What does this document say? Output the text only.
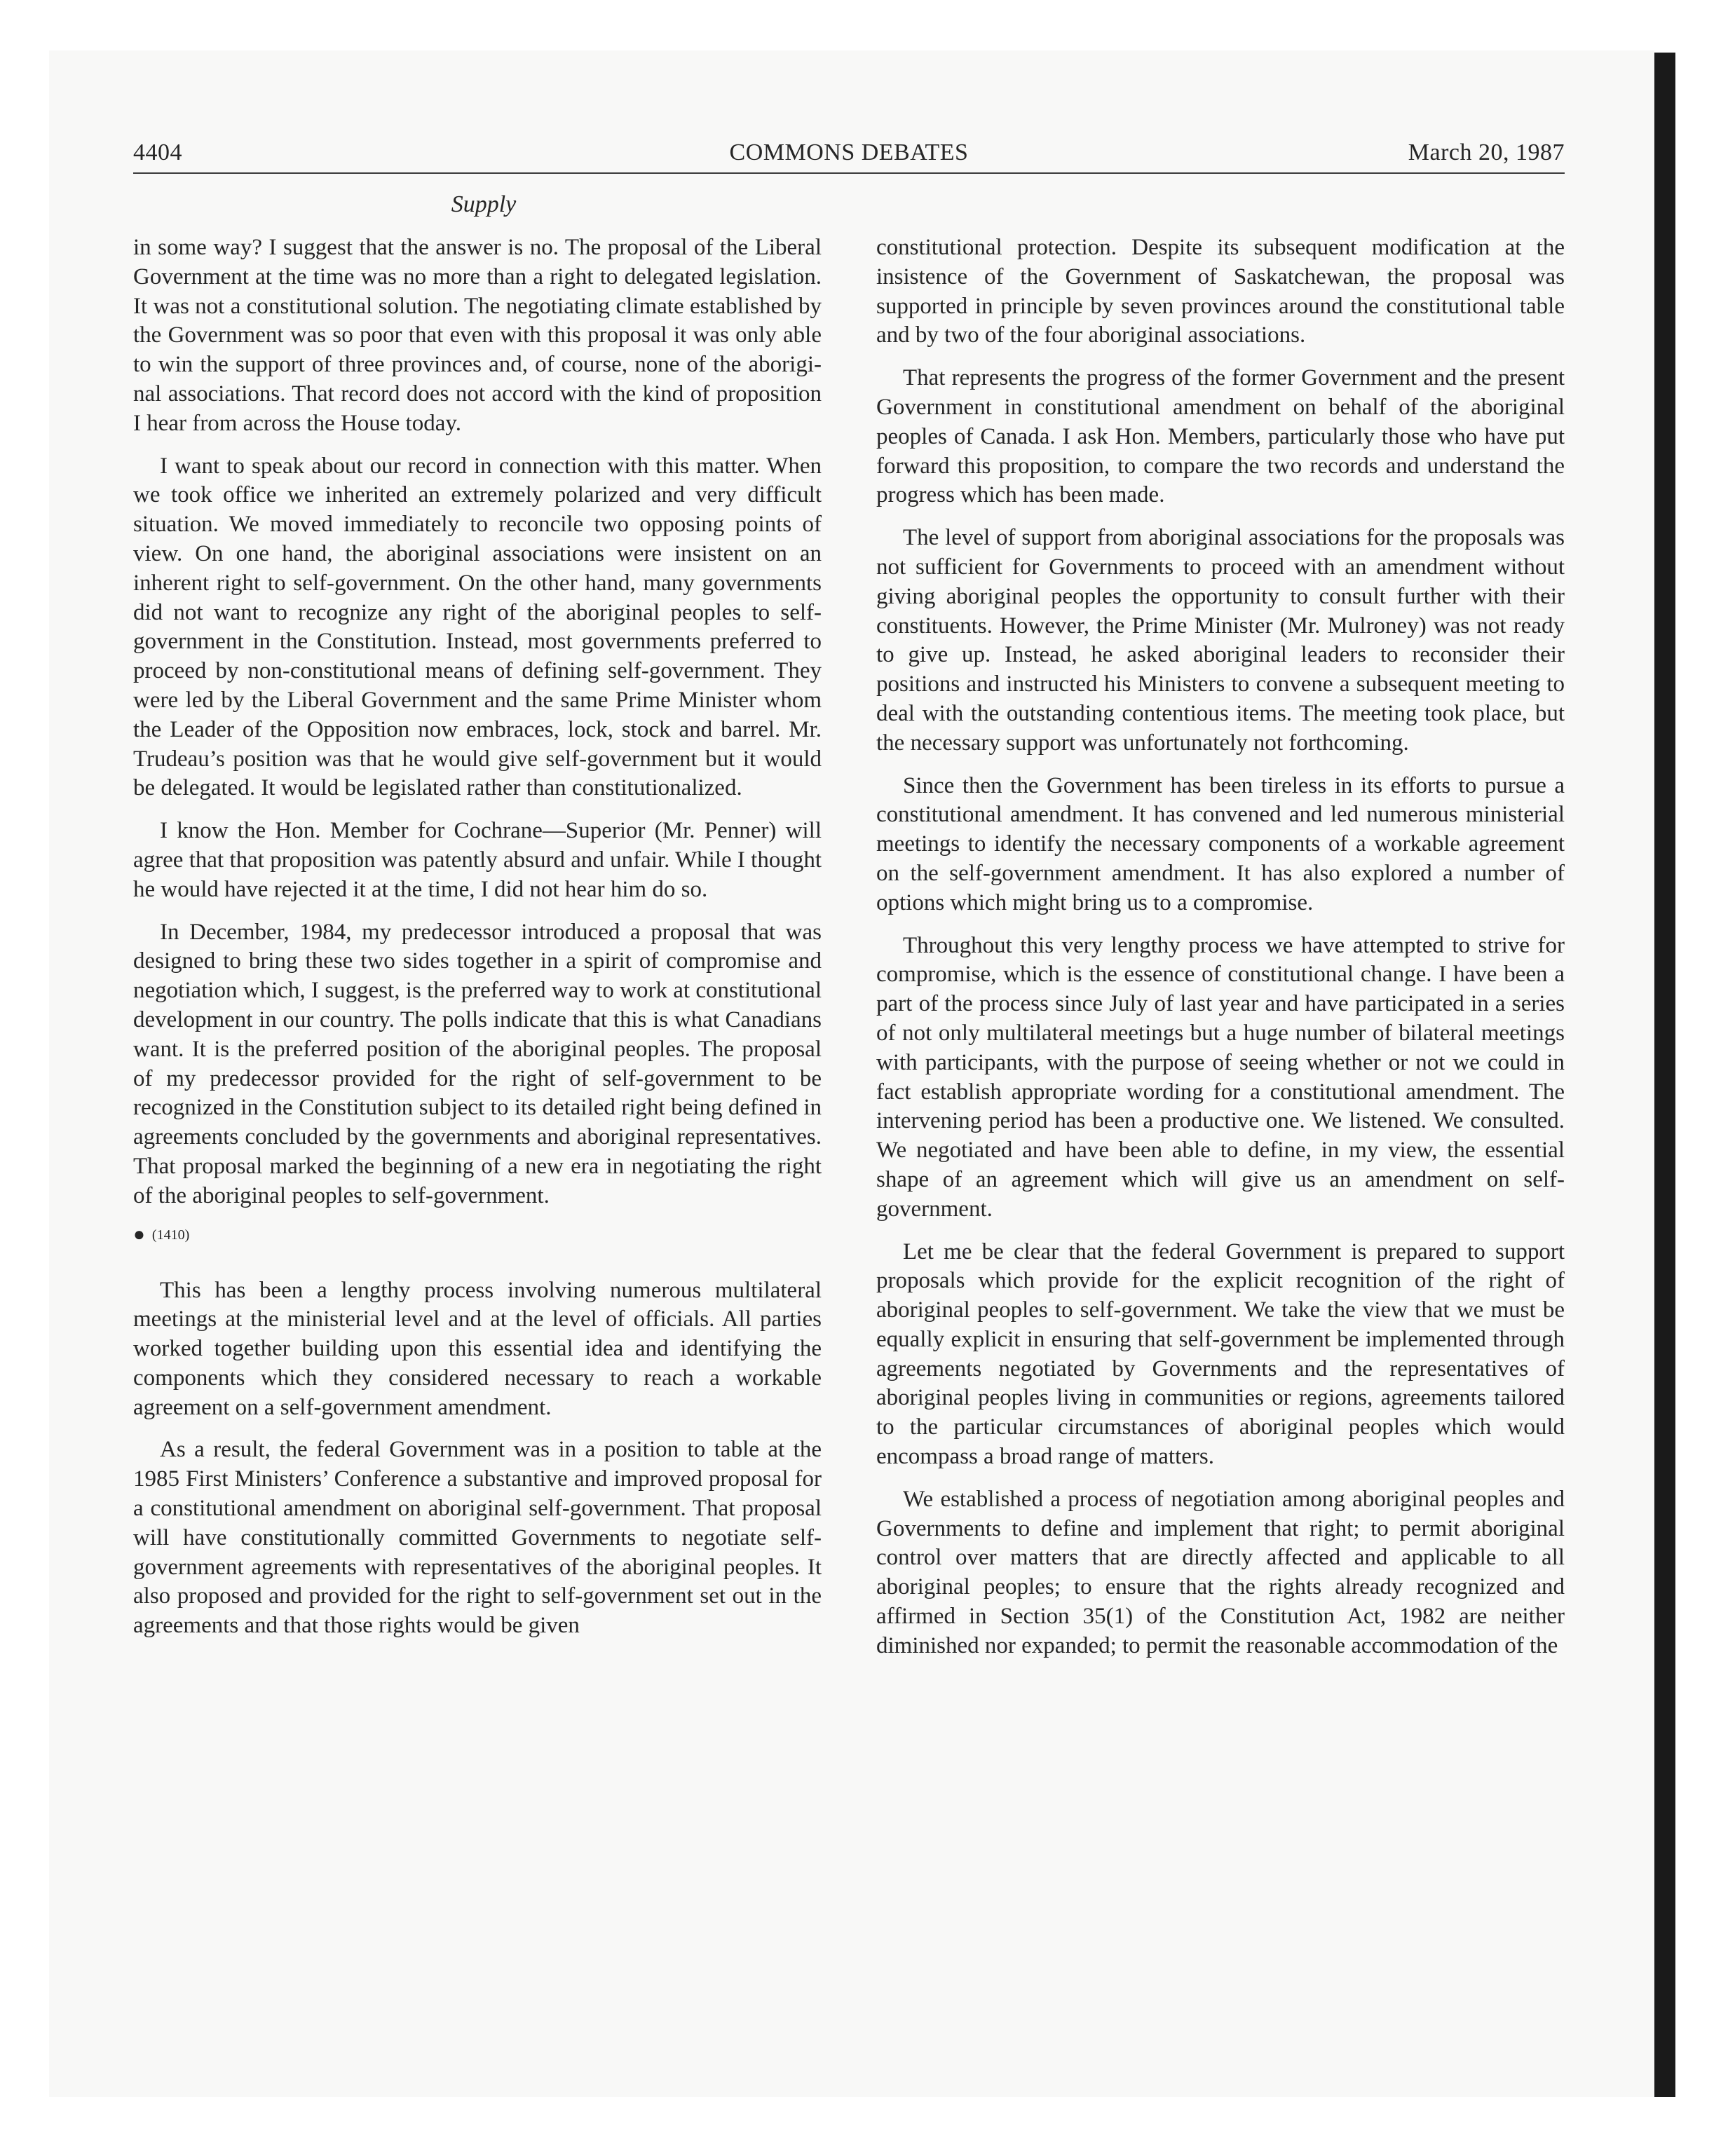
4404	COMMONS DEBATES	March 20, 1987
Supply

in some way? I suggest that the answer is no. The proposal of the Liberal Government at the time was no more than a right to delegated legislation. It was not a constitutional solution. The negotiating climate established by the Government was so poor that even with this proposal it was only able to win the support of three provinces and, of course, none of the aboriginal associations. That record does not accord with the kind of proposition I hear from across the House today.

I want to speak about our record in connection with this matter. When we took office we inherited an extremely polarized and very difficult situation. We moved immediately to reconcile two opposing points of view. On one hand, the aboriginal associations were insistent on an inherent right to self-government. On the other hand, many governments did not want to recognize any right of the aboriginal peoples to self-government in the Constitution. Instead, most governments preferred to proceed by non-constitutional means of defining self-government. They were led by the Liberal Government and the same Prime Minister whom the Leader of the Opposition now embraces, lock, stock and barrel. Mr. Trudeau’s position was that he would give self-government but it would be delegated. It would be legislated rather than constitutionalized.

I know the Hon. Member for Cochrane—Superior (Mr. Penner) will agree that that proposition was patently absurd and unfair. While I thought he would have rejected it at the time, I did not hear him do so.

In December, 1984, my predecessor introduced a proposal that was designed to bring these two sides together in a spirit of compromise and negotiation which, I suggest, is the preferred way to work at constitutional development in our country. The polls indicate that this is what Canadians want. It is the preferred position of the aboriginal peoples. The proposal of my predecessor provided for the right of self-government to be recognized in the Constitution subject to its detailed right being defined in agreements concluded by the governments and aboriginal representatives. That proposal marked the beginning of a new era in negotiating the right of the aboriginal peoples to self-government.

● (1410)

This has been a lengthy process involving numerous multilateral meetings at the ministerial level and at the level of officials. All parties worked together building upon this essential idea and identifying the components which they considered necessary to reach a workable agreement on a self-government amendment.

As a result, the federal Government was in a position to table at the 1985 First Ministers’ Conference a substantive and improved proposal for a constitutional amendment on aboriginal self-government. That proposal will have constitutionally committed Governments to negotiate self-government agreements with representatives of the aboriginal peoples. It also proposed and provided for the right to self-government set out in the agreements and that those rights would be given

constitutional protection. Despite its subsequent modification at the insistence of the Government of Saskatchewan, the proposal was supported in principle by seven provinces around the constitutional table and by two of the four aboriginal associations.

That represents the progress of the former Government and the present Government in constitutional amendment on behalf of the aboriginal peoples of Canada. I ask Hon. Members, particularly those who have put forward this proposition, to compare the two records and understand the progress which has been made.

The level of support from aboriginal associations for the proposals was not sufficient for Governments to proceed with an amendment without giving aboriginal peoples the opportunity to consult further with their constituents. However, the Prime Minister (Mr. Mulroney) was not ready to give up. Instead, he asked aboriginal leaders to reconsider their positions and instructed his Ministers to convene a subsequent meeting to deal with the outstanding contentious items. The meeting took place, but the necessary support was unfortunately not forthcoming.

Since then the Government has been tireless in its efforts to pursue a constitutional amendment. It has convened and led numerous ministerial meetings to identify the necessary components of a workable agreement on the self-government amendment. It has also explored a number of options which might bring us to a compromise.

Throughout this very lengthy process we have attempted to strive for compromise, which is the essence of constitutional change. I have been a part of the process since July of last year and have participated in a series of not only multilateral meetings but a huge number of bilateral meetings with participants, with the purpose of seeing whether or not we could in fact establish appropriate wording for a constitutional amendment. The intervening period has been a productive one. We listened. We consulted. We negotiated and have been able to define, in my view, the essential shape of an agreement which will give us an amendment on self-government.

Let me be clear that the federal Government is prepared to support proposals which provide for the explicit recognition of the right of aboriginal peoples to self-government. We take the view that we must be equally explicit in ensuring that self-government be implemented through agreements negotiated by Governments and the representatives of aboriginal peoples living in communities or regions, agreements tailored to the particular circumstances of aboriginal peoples which would encompass a broad range of matters.

We established a process of negotiation among aboriginal peoples and Governments to define and implement that right; to permit aboriginal control over matters that are directly affected and applicable to all aboriginal peoples; to ensure that the rights already recognized and affirmed in Section 35(1) of the Constitution Act, 1982 are neither diminished nor expanded; to permit the reasonable accommodation of the
